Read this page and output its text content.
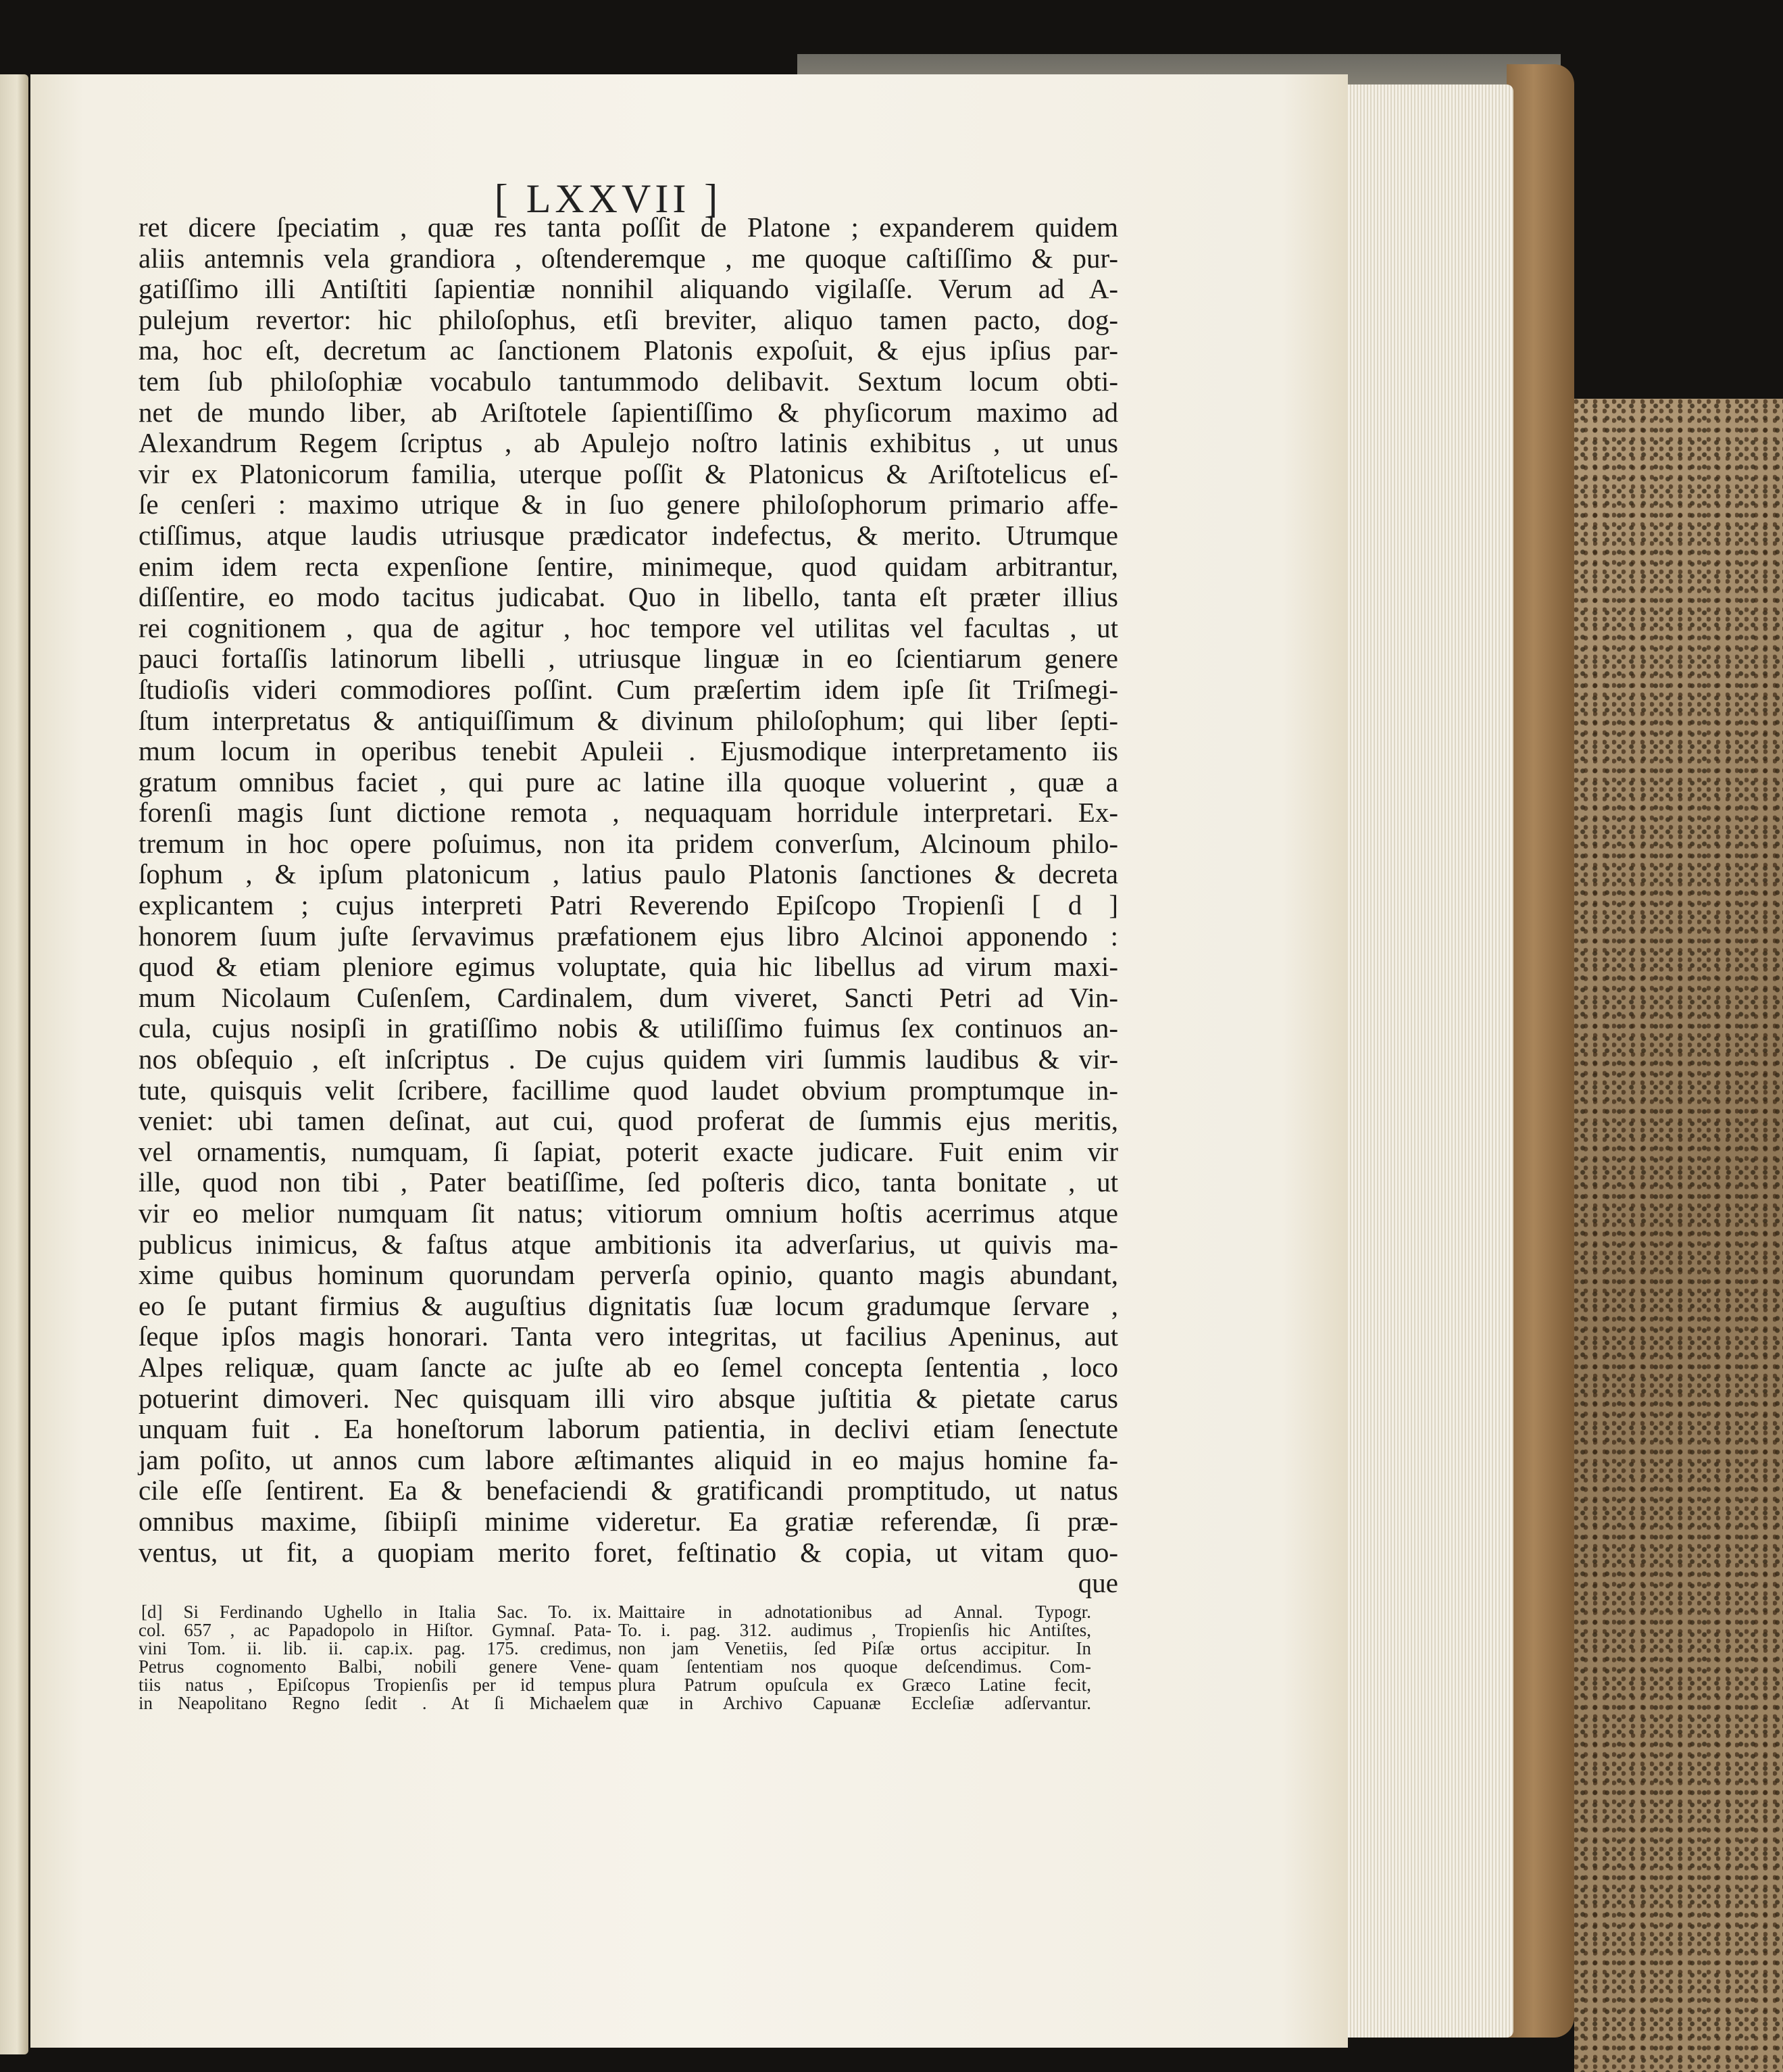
[ LXXVII ]
ret dicere ſpeciatim , quæ res tanta poſſit de Platone ; expanderem quidem
aliis antemnis vela grandiora , oſtenderemque , me quoque caſtiſſimo & pur-
gatiſſimo illi Antiſtiti ſapientiæ nonnihil aliquando vigilaſſe. Verum ad A-
pulejum revertor: hic philoſophus, etſi breviter, aliquo tamen pacto, dog-
ma, hoc eſt, decretum ac ſanctionem Platonis expoſuit, & ejus ipſius par-
tem ſub philoſophiæ vocabulo tantummodo delibavit. Sextum locum obti-
net de mundo liber, ab Ariſtotele ſapientiſſimo & phyſicorum maximo ad
Alexandrum Regem ſcriptus , ab Apulejo noſtro latinis exhibitus , ut unus
vir ex Platonicorum familia, uterque poſſit & Platonicus & Ariſtotelicus eſ-
ſe cenſeri : maximo utrique & in ſuo genere philoſophorum primario affe-
ctiſſimus, atque laudis utriusque prædicator indefectus, & merito. Utrumque
enim idem recta expenſione ſentire, minimeque, quod quidam arbitrantur,
diſſentire, eo modo tacitus judicabat. Quo in libello, tanta eſt præter illius
rei cognitionem , qua de agitur , hoc tempore vel utilitas vel facultas , ut
pauci fortaſſis latinorum libelli , utriusque linguæ in eo ſcientiarum genere
ſtudioſis videri commodiores poſſint. Cum præſertim idem ipſe ſit Triſmegi-
ſtum interpretatus & antiquiſſimum & divinum philoſophum; qui liber ſepti-
mum locum in operibus tenebit Apuleii . Ejusmodique interpretamento iis
gratum omnibus faciet , qui pure ac latine illa quoque voluerint , quæ a
forenſi magis ſunt dictione remota , nequaquam horridule interpretari. Ex-
tremum in hoc opere poſuimus, non ita pridem converſum, Alcinoum philo-
ſophum , & ipſum platonicum , latius paulo Platonis ſanctiones & decreta
explicantem ; cujus interpreti Patri Reverendo Epiſcopo Tropienſi [ d ]
honorem ſuum juſte ſervavimus præfationem ejus libro Alcinoi apponendo :
quod & etiam pleniore egimus voluptate, quia hic libellus ad virum maxi-
mum Nicolaum Cuſenſem, Cardinalem, dum viveret, Sancti Petri ad Vin-
cula, cujus nosipſi in gratiſſimo nobis & utiliſſimo fuimus ſex continuos an-
nos obſequio , eſt inſcriptus . De cujus quidem viri ſummis laudibus & vir-
tute, quisquis velit ſcribere, facillime quod laudet obvium promptumque in-
veniet: ubi tamen deſinat, aut cui, quod proferat de ſummis ejus meritis,
vel ornamentis, numquam, ſi ſapiat, poterit exacte judicare. Fuit enim vir
ille, quod non tibi , Pater beatiſſime, ſed poſteris dico, tanta bonitate , ut
vir eo melior numquam ſit natus; vitiorum omnium hoſtis acerrimus atque
publicus inimicus, & faſtus atque ambitionis ita adverſarius, ut quivis ma-
xime quibus hominum quorundam perverſa opinio, quanto magis abundant,
eo ſe putant firmius & auguſtius dignitatis ſuæ locum gradumque ſervare ,
ſeque ipſos magis honorari. Tanta vero integritas, ut facilius Apeninus, aut
Alpes reliquæ, quam ſancte ac juſte ab eo ſemel concepta ſententia , loco
potuerint dimoveri. Nec quisquam illi viro absque juſtitia & pietate carus
unquam fuit . Ea honeſtorum laborum patientia, in declivi etiam ſenectute
jam poſito, ut annos cum labore æſtimantes aliquid in eo majus homine fa-
cile eſſe ſentirent. Ea & benefaciendi & gratificandi promptitudo, ut natus
omnibus maxime, ſibiipſi minime videretur. Ea gratiæ referendæ, ſi præ-
ventus, ut fit, a quopiam merito foret, feſtinatio & copia, ut vitam quo-
que
[d] Si Ferdinando Ughello in Italia Sac. To. ix.
col. 657 , ac Papadopolo in Hiſtor. Gymnaſ. Pata-
vini Tom. ii. lib. ii. cap.ix. pag. 175. credimus,
Petrus cognomento Balbi, nobili genere Vene-
tiis natus , Epiſcopus Tropienſis per id tempus
in Neapolitano Regno ſedit . At ſi Michaelem
Maittaire in adnotationibus ad Annal. Typogr.
To. i. pag. 312. audimus , Tropienſis hic Antiſtes,
non jam Venetiis, ſed Piſæ ortus accipitur. In
quam ſententiam nos quoque deſcendimus. Com-
plura Patrum opuſcula ex Græco Latine fecit,
quæ in Archivo Capuanæ Eccleſiæ adſervantur.
